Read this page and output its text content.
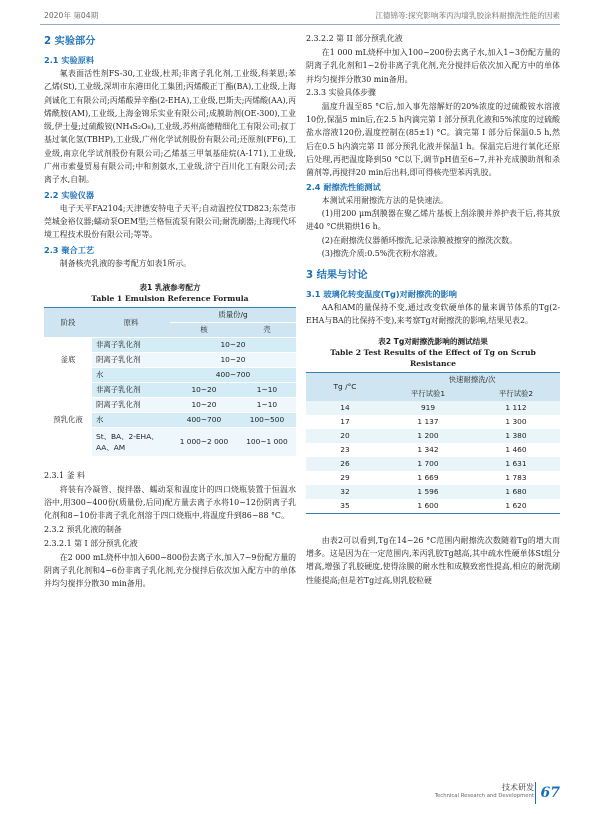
2020年 第04期	江德锦等:探究影响苯丙沟墙乳胶涂料耐擦洗性能的因素
2 实验部分
2.1 实验原料

氟表面活性剂FS-30,工业级,杜邦;非离子乳化剂,工业级,科莱恩;苯乙烯(St),工业级,深圳市东港田化工集团;丙烯酸正丁酯(BA),工业级,上海剑诚化工有限公司;丙烯酸异辛酯(2-EHA),工业级,巴斯夫;丙烯酸(AA),丙烯酰胺(AM),工业级,上海金锦乐实业有限公司;成膜助剂(OE-300),工业级,伊士曼;过硫酸铵(NH₄S₂O₈),工业级,苏州高德精细化工有限公司;叔丁基过氧化氢(TBHP),工业级,广州化学试剂股份有限公司;还原剂(FF6),工业级,南京化学试剂股份有限公司;乙烯基三甲氧基硅烷(A-171),工业级,广州市索曼贸易有限公司;中和剂氨水,工业级,济宁百川化工有限公司;去离子水,自制。

2.2 实验仪器

电子天平FA2104;天津德安特电子天平;自动温控仪TD823;东莞市莞城金裕仪器;蠕动泵OEM型;兰格恒流泵有限公司;耐洗刷器;上海现代环境工程技术股份有限公司;等等。

2.3 聚合工艺

制备核壳乳液的参考配方如表1所示。

表1 乳液参考配方
Table 1 Emulsion Reference Formula
阶段	原料	质量份/g	
		核	壳
釜底	非离子乳化剂	10~20	
	阴离子乳化剂	10~20	
	水	400~700	
预乳化液	非离子乳化剂	10~20	1~10
	阴离子乳化剂	10~20	1~10
	水	400~700	100~500
	St、BA、2-EHA、AA、AM	1 000~2 000	100~1 000
2.3.1 釜 料

将装有冷凝管、搅拌器、蠕动泵和温度计的四口烧瓶装置于恒温水浴中,用300~400份(质量份,后同)配方量去离子水将10~12份阴离子乳化剂和8~10份非离子乳化剂溶于四口烧瓶中,将温度升到86~88 °C。

2.3.2 预乳化液的制备
2.3.2.1 第 I 部分预乳化液

在2 000 mL烧杯中加入600~800份去离子水,加入7~9份配方量的阴离子乳化剂和4~6份非离子乳化剂,充分搅拌后依次加入配方中的单体并均匀搅拌分散30 min备用。

2.3.2.2 第 II 部分预乳化液

在1 000 mL烧杯中加入100~200份去离子水,加入1~3份配方量的阴离子乳化剂和1~2份非离子乳化剂,充分搅拌后依次加入配方中的单体并均匀搅拌分散30 min备用。

2.3.3 实验具体步骤

温度升温至85 °C后,加入事先溶解好的20%浓度的过硫酸铵水溶液10份,保温5 min后,在2.5 h内滴完第 I 部分预乳化液和5%浓度的过硫酸盐水溶液120份,温度控制在(85±1) °C。滴完第 I 部分后保温0.5 h,然后在0.5 h内滴完第 II 部分预乳化液并保温1 h。保温完后进行氧化还原后处理,再把温度降到50 °C以下,调节pH值至6~7,并补充成膜助剂和杀菌剂等,再搅拌20 min后出料,即可得核壳型苯丙乳胶。

2.4 耐擦洗性能测试

本测试采用耐擦洗方法的是快速法。

(1)用200 μm刮膜器在聚乙烯片基板上刮涂膜并养护表干后,将其放进40 °C烘箱烘16 h。

(2)在耐擦洗仪器循环擦洗,记录涂膜被擦穿的擦洗次数。

(3)擦洗介质:0.5%洗衣粉水溶液。

3 结果与讨论
3.1 玻璃化转变温度(Tg)对耐擦洗的影响

AA和AM的量保持不变,通过改变软硬单体的量来调节体系的Tg(2-EHA与BA的比保持不变),来考察Tg对耐擦洗的影响,结果见表2。

表2 Tg对耐擦洗影响的测试结果
Table 2 Test Results of the Effect of Tg on Scrub Resistance
Tg /°C	快速耐擦洗/次	
	平行试验1	平行试验2
14	919	1 112
17	1 137	1 300
20	1 200	1 380
23	1 342	1 460
26	1 700	1 631
29	1 669	1 783
32	1 596	1 680
35	1 600	1 620

由表2可以看到,Tg在14~26 °C范围内耐擦洗次数随着Tg的增大而增多。这是因为在一定范围内,苯丙乳胶Tg越高,其中疏水性硬单体St组分增高,增强了乳胶硬度,使得涂膜的耐水性和成膜致密性提高,相应的耐洗刷性能提高;但是若Tg过高,则乳胶粒硬

技术研发
Technical Research and Development 67
